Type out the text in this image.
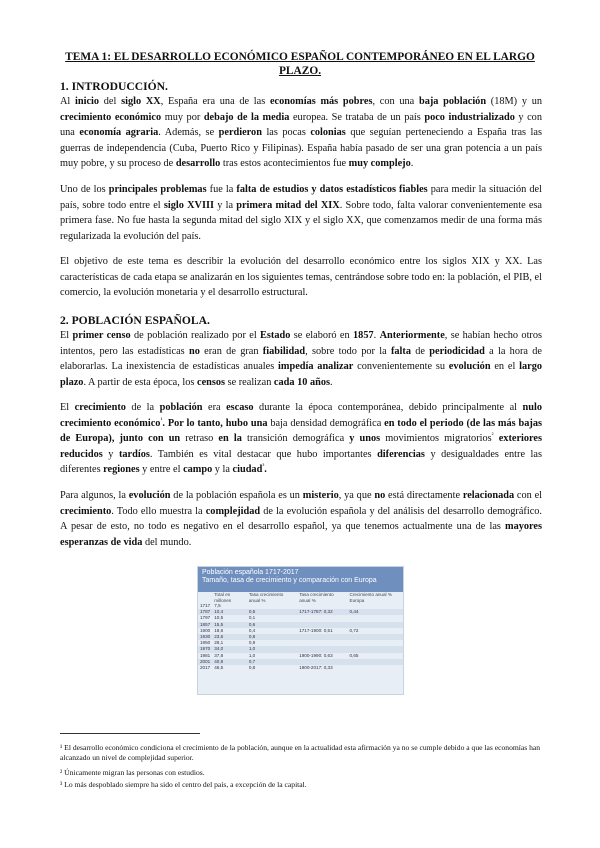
TEMA 1: EL DESARROLLO ECONÓMICO ESPAÑOL CONTEMPORÁNEO EN EL LARGO PLAZO.
1. INTRODUCCIÓN.
Al inicio del siglo XX, España era una de las economías más pobres, con una baja población (18M) y un crecimiento económico muy por debajo de la media europea. Se trataba de un país poco industrializado y con una economía agraria. Además, se perdieron las pocas colonias que seguían perteneciendo a España tras las guerras de independencia (Cuba, Puerto Rico y Filipinas). España había pasado de ser una gran potencia a un país muy pobre, y su proceso de desarrollo tras estos acontecimientos fue muy complejo.
Uno de los principales problemas fue la falta de estudios y datos estadísticos fiables para medir la situación del país, sobre todo entre el siglo XVIII y la primera mitad del XIX. Sobre todo, falta valorar convenientemente esa primera fase. No fue hasta la segunda mitad del siglo XIX y el siglo XX, que comenzamos medir de una forma más regularizada la evolución del país.
El objetivo de este tema es describir la evolución del desarrollo económico entre los siglos XIX y XX. Las características de cada etapa se analizarán en los siguientes temas, centrándose sobre todo en: la población, el PIB, el comercio, la evolución monetaria y el desarrollo estructural.
2. POBLACIÓN ESPAÑOLA.
El primer censo de población realizado por el Estado se elaboró en 1857. Anteriormente, se habían hecho otros intentos, pero las estadísticas no eran de gran fiabilidad, sobre todo por la falta de periodicidad a la hora de elaborarlas. La inexistencia de estadísticas anuales impedía analizar convenientemente su evolución en el largo plazo. A partir de esta época, los censos se realizan cada 10 años.
El crecimiento de la población era escaso durante la época contemporánea, debido principalmente al nulo crecimiento económico$^{^1}$. Por lo tanto, hubo una baja densidad demográfica en todo el periodo (de las más bajas de Europa), junto con un retraso en la transición demográfica y unos movimientos migratorios$^{^2}$ exteriores reducidos y tardíos. También es vital destacar que hubo importantes diferencias y desigualdades entre las diferentes regiones y entre el campo y la ciudad$^{^3}$.
Para algunos, la evolución de la población española es un misterio, ya que no está directamente relacionada con el crecimiento. Todo ello muestra la complejidad de la evolución española y del análisis del desarrollo demográfico. A pesar de esto, no todo es negativo en el desarrollo español, ya que tenemos actualmente una de las mayores esperanzas de vida del mundo.
Población española 1717-2017
Tamaño, tasa de crecimiento y comparación con Europa
	Total en millones	Tasa crecimiento anual %	Tasa crecimiento anual %	Crecimiento anual % Europa
1717	7,5			
1787	10,4	0,5	1717-1787: 0,32	0,44
1797	10,5	0,1		
1857	15,5	0,6		
1900	18,6	0,4	1717-1900: 0,51	0,72
1930	23,6	0,8		
1950	28,1	0,9		
1970	34,0	1,0		
1981	37,8	1,0	1900-1990: 0,63	0,65
2001	40,8	0,7		
2017	46,5	0,8	1900-2017: 0,33	
¹ El desarrollo económico condiciona el crecimiento de la población, aunque en la actualidad esta afirmación ya no se cumple debido a que las economías han alcanzado un nivel de complejidad superior.
² Únicamente migran las personas con estudios.
³ Lo más despoblado siempre ha sido el centro del país, a excepción de la capital.
